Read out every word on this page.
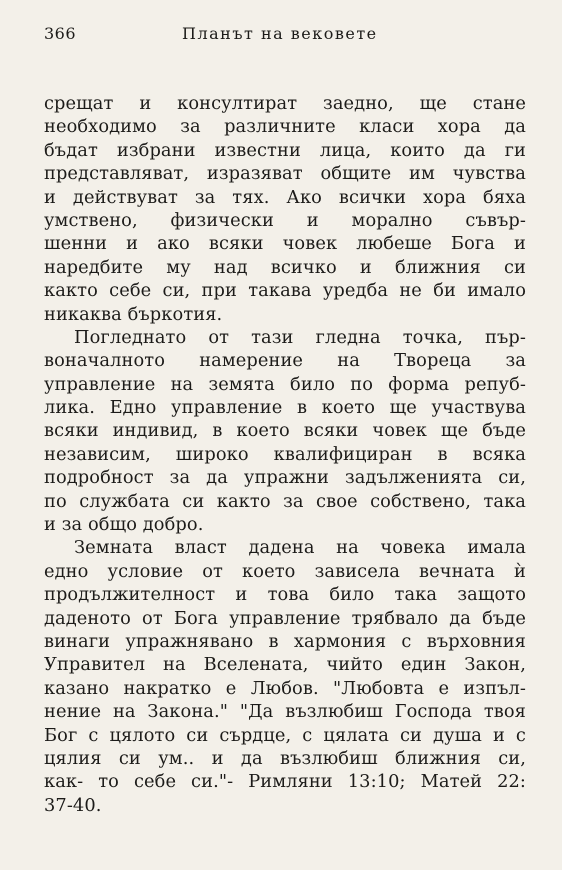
366	Планът на вековете
срещат и консултират заедно, ще стане
необходимо за различните класи хора да
бъдат избрани известни лица, които да ги
представляват, изразяват общите им чувства
и действуват за тях. Ако всички хора бяха
умствено, физически и морално съвър-
шенни и ако всяки човек любеше Бога и
наредбите му над всичко и ближния си
както себе си, при такава уредба не би имало
никаква бъркотия.
Погледнато от тази гледна точка, пър-
воначалното намерение на Твореца за
управление на земята било по форма репуб-
лика. Едно управление в което ще участвува
всяки индивид, в което всяки човек ще бъде
независим, широко квалифициран в всяка
подробност за да упражни задълженията си,
по службата си както за свое собствено, така
и за общо добро.
Земната власт дадена на човека имала
едно условие от което зависела вечната ѝ
продължителност и това било така защото
даденото от Бога управление трябвало да бъде
винаги упражнявано в хармония с върховния
Управител на Вселената, чийто един Закон,
казано накратко е Любов. "Любовта е изпъл-
нение на Закона." "Да възлюбиш Господа твоя
Бог с цялото си сърдце, с цялата си душа и с
цялия си ум.. и да възлюбиш ближния си,
как- то себе си."- Римляни 13:10; Матей 22:
37-40.
